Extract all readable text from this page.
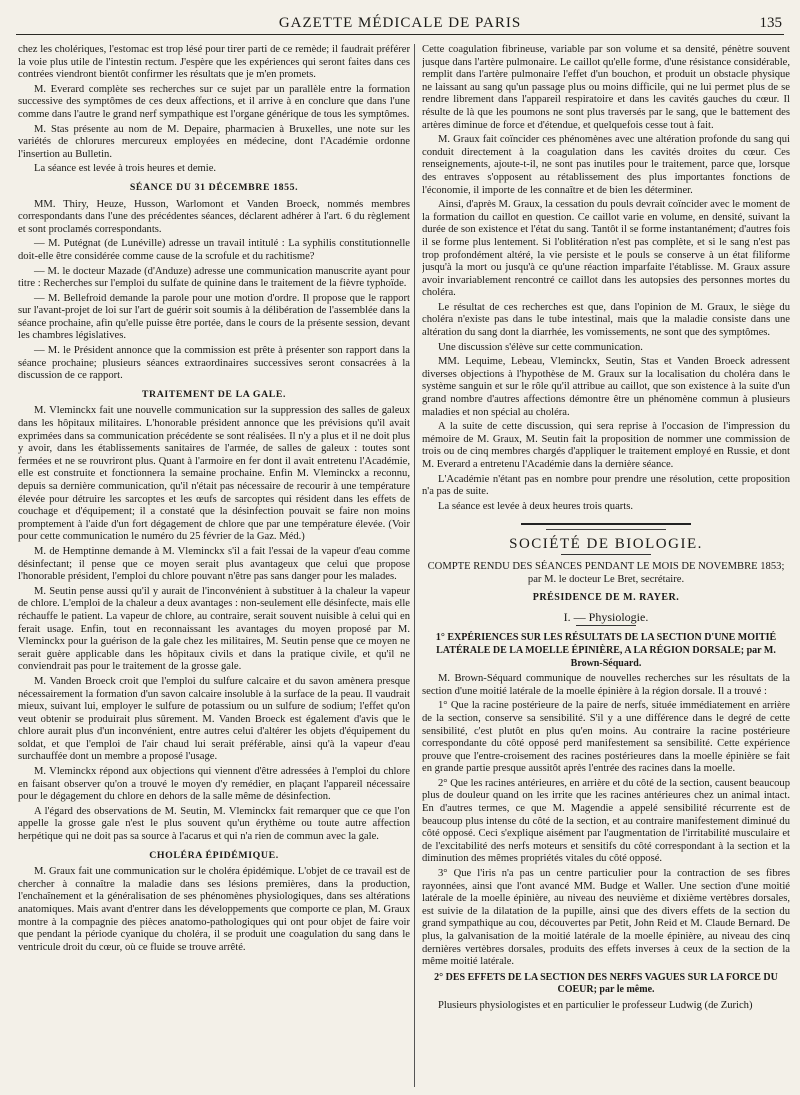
GAZETTE MÉDICALE DE PARIS	135

chez les cholériques, l'estomac est trop lésé pour tirer parti de ce remède; il faudrait préférer la voie plus utile de l'intestin rectum. J'espère que les expériences qui seront faites dans ces contrées viendront bientôt confirmer les résultats que je m'en promets.

M. Everard complète ses recherches sur ce sujet par un parallèle entre la formation successive des symptômes de ces deux affections, et il arrive à en conclure que dans l'une comme dans l'autre le grand nerf sympathique est l'organe générique de tous les symptômes.

M. Stas présente au nom de M. Depaire, pharmacien à Bruxelles, une note sur les variétés de chlorures mercureux employées en médecine, dont l'Académie ordonne l'insertion au Bulletin.

La séance est levée à trois heures et demie.

SÉANCE DU 31 DÉCEMBRE 1855.

MM. Thiry, Heuze, Husson, Warlomont et Vanden Broeck, nommés membres correspondants dans l'une des précédentes séances, déclarent adhérer à l'art. 6 du règlement et sont proclamés correspondants.

— M. Putégnat (de Lunéville) adresse un travail intitulé : La syphilis constitutionnelle doit-elle être considérée comme cause de la scrofule et du rachitisme?

— M. le docteur Mazade (d'Anduze) adresse une communication manuscrite ayant pour titre : Recherches sur l'emploi du sulfate de quinine dans le traitement de la fièvre typhoïde.

— M. Bellefroid demande la parole pour une motion d'ordre. Il propose que le rapport sur l'avant-projet de loi sur l'art de guérir soit soumis à la délibération de l'assemblée dans la séance prochaine, afin qu'elle puisse être portée, dans le cours de la présente session, devant les chambres législatives.

— M. le Président annonce que la commission est prête à présenter son rapport dans la séance prochaine; plusieurs séances extraordinaires successives seront consacrées à la discussion de ce rapport.

TRAITEMENT DE LA GALE.

M. Vleminckx fait une nouvelle communication sur la suppression des salles de galeux dans les hôpitaux militaires. L'honorable président annonce que les prévisions qu'il avait exprimées dans sa communication précédente se sont réalisées. Il n'y a plus et il ne doit plus y avoir, dans les établissements sanitaires de l'armée, de salles de galeux : toutes sont fermées et ne se rouvriront plus. Quant à l'armoire en fer dont il avait entretenu l'Académie, elle est construite et fonctionnera la semaine prochaine. Enfin M. Vleminckx a reconnu, depuis sa dernière communication, qu'il n'était pas nécessaire de recourir à une température élevée pour détruire les sarcoptes et les œufs de sarcoptes qui résident dans les effets de couchage et d'équipement; il a constaté que la désinfection pouvait se faire non moins promptement à l'aide d'un fort dégagement de chlore que par une température élevée. (Voir pour cette communication le numéro du 25 février de la Gaz. Méd.)

M. de Hemptinne demande à M. Vleminckx s'il a fait l'essai de la vapeur d'eau comme désinfectant; il pense que ce moyen serait plus avantageux que celui que propose l'honorable président, l'emploi du chlore pouvant n'être pas sans danger pour les malades.

M. Seutin pense aussi qu'il y aurait de l'inconvénient à substituer à la chaleur la vapeur de chlore. L'emploi de la chaleur a deux avantages : non-seulement elle désinfecte, mais elle réchauffe le patient. La vapeur de chlore, au contraire, serait souvent nuisible à celui qui en ferait usage. Enfin, tout en reconnaissant les avantages du moyen proposé par M. Vleminckx pour la guérison de la gale chez les militaires, M. Seutin pense que ce moyen ne serait guère applicable dans les hôpitaux civils et dans la pratique civile, et qu'il ne conviendrait pas pour le traitement de la grosse gale.

M. Vanden Broeck croit que l'emploi du sulfure calcaire et du savon amènera presque nécessairement la formation d'un savon calcaire insoluble à la surface de la peau. Il vaudrait mieux, suivant lui, employer le sulfure de potassium ou un sulfure de sodium; l'effet qu'on veut obtenir se produirait plus sûrement. M. Vanden Broeck est également d'avis que le chlore aurait plus d'un inconvénient, entre autres celui d'altérer les objets d'équipement du soldat, et que l'emploi de l'air chaud lui serait préférable, ainsi qu'à la vapeur d'eau surchauffée dont un membre a proposé l'usage.

M. Vleminckx répond aux objections qui viennent d'être adressées à l'emploi du chlore en faisant observer qu'on a trouvé le moyen d'y remédier, en plaçant l'appareil nécessaire pour le dégagement du chlore en dehors de la salle même de désinfection.

A l'égard des observations de M. Seutin, M. Vleminckx fait remarquer que ce que l'on appelle la grosse gale n'est le plus souvent qu'un érythème ou toute autre affection herpétique qui ne doit pas sa source à l'acarus et qui n'a rien de commun avec la gale.

CHOLÉRA ÉPIDÉMIQUE.

M. Graux fait une communication sur le choléra épidémique. L'objet de ce travail est de chercher à connaître la maladie dans ses lésions premières, dans la production, l'enchaînement et la généralisation de ses phénomènes physiologiques, dans ses altérations anatomiques. Mais avant d'entrer dans les développements que comporte ce plan, M. Graux montre à la compagnie des pièces anatomo-pathologiques qui ont pour objet de faire voir que pendant la période cyanique du choléra, il se produit une coagulation du sang dans le ventricule droit du cœur, où ce fluide se trouve arrêté.

Cette coagulation fibrineuse, variable par son volume et sa densité, pénètre souvent jusque dans l'artère pulmonaire. Le caillot qu'elle forme, d'une résistance considérable, remplit dans l'artère pulmonaire l'effet d'un bouchon, et produit un obstacle physique ne laissant au sang qu'un passage plus ou moins difficile, qui ne lui permet plus de se rendre librement dans l'appareil respiratoire et dans les cavités gauches du cœur. Il résulte de là que les poumons ne sont plus traversés par le sang, que le battement des artères diminue de force et d'étendue, et quelquefois cesse tout à fait.

M. Graux fait coïncider ces phénomènes avec une altération profonde du sang qui conduit directement à la coagulation dans les cavités droites du cœur. Ces renseignements, ajoute-t-il, ne sont pas inutiles pour le traitement, parce que, lorsque des entraves s'opposent au rétablissement des plus importantes fonctions de l'économie, il importe de les connaître et de bien les déterminer.

Ainsi, d'après M. Graux, la cessation du pouls devrait coïncider avec le moment de la formation du caillot en question. Ce caillot varie en volume, en densité, suivant la durée de son existence et l'état du sang. Tantôt il se forme instantanément; d'autres fois il se forme plus lentement. Si l'oblitération n'est pas complète, et si le sang n'est pas trop profondément altéré, la vie persiste et le pouls se conserve à un état filiforme jusqu'à la mort ou jusqu'à ce qu'une réaction imparfaite l'établisse. M. Graux assure avoir invariablement rencontré ce caillot dans les autopsies des personnes mortes du choléra.

Le résultat de ces recherches est que, dans l'opinion de M. Graux, le siège du choléra n'existe pas dans le tube intestinal, mais que la maladie consiste dans une altération du sang dont la diarrhée, les vomissements, ne sont que des symptômes.

Une discussion s'élève sur cette communication.

MM. Lequime, Lebeau, Vleminckx, Seutin, Stas et Vanden Broeck adressent diverses objections à l'hypothèse de M. Graux sur la localisation du choléra dans le système sanguin et sur le rôle qu'il attribue au caillot, que son existence à la suite d'un grand nombre d'autres affections démontre être un phénomène commun à plusieurs maladies et non spécial au choléra.

A la suite de cette discussion, qui sera reprise à l'occasion de l'impression du mémoire de M. Graux, M. Seutin fait la proposition de nommer une commission de trois ou de cinq membres chargés d'appliquer le traitement employé en Russie, et dont M. Everard a entretenu l'Académie dans la dernière séance.

L'Académie n'étant pas en nombre pour prendre une résolution, cette proposition n'a pas de suite.

La séance est levée à deux heures trois quarts.

SOCIÉTÉ DE BIOLOGIE.
COMPTE RENDU DES SÉANCES PENDANT LE MOIS DE NOVEMBRE 1853; par M. le docteur Le Bret, secrétaire.
PRÉSIDENCE DE M. RAYER.
I. — Physiologie.
1° EXPÉRIENCES SUR LES RÉSULTATS DE LA SECTION D'UNE MOITIÉ LATÉRALE DE LA MOELLE ÉPINIÈRE, A LA RÉGION DORSALE; par M. Brown-Séquard.

M. Brown-Séquard communique de nouvelles recherches sur les résultats de la section d'une moitié latérale de la moelle épinière à la région dorsale. Il a trouvé :

1° Que la racine postérieure de la paire de nerfs, située immédiatement en arrière de la section, conserve sa sensibilité. S'il y a une différence dans le degré de cette sensibilité, c'est plutôt en plus qu'en moins. Au contraire la racine postérieure correspondante du côté opposé perd manifestement sa sensibilité. Cette expérience prouve que l'entre-croisement des racines postérieures dans la moelle épinière se fait en grande partie presque aussitôt après l'entrée des racines dans la moelle.

2° Que les racines antérieures, en arrière et du côté de la section, causent beaucoup plus de douleur quand on les irrite que les racines antérieures chez un animal intact. En d'autres termes, ce que M. Magendie a appelé sensibilité récurrente est de beaucoup plus intense du côté de la section, et au contraire manifestement diminué du côté opposé. Ceci s'explique aisément par l'augmentation de l'irritabilité musculaire et de l'excitabilité des nerfs moteurs et sensitifs du côté correspondant à la section et la diminution des mêmes propriétés vitales du côté opposé.

3° Que l'iris n'a pas un centre particulier pour la contraction de ses fibres rayonnées, ainsi que l'ont avancé MM. Budge et Waller. Une section d'une moitié latérale de la moelle épinière, au niveau des neuvième et dixième vertèbres dorsales, est suivie de la dilatation de la pupille, ainsi que des divers effets de la section du grand sympathique au cou, découvertes par Petit, John Reid et M. Claude Bernard. De plus, la galvanisation de la moitié latérale de la moelle épinière, au niveau des cinq dernières vertèbres dorsales, produits des effets inverses à ceux de la section de la même moitié latérale.

2° DES EFFETS DE LA SECTION DES NERFS VAGUES SUR LA FORCE DU COEUR; par le même.

Plusieurs physiologistes et en particulier le professeur Ludwig (de Zurich)
